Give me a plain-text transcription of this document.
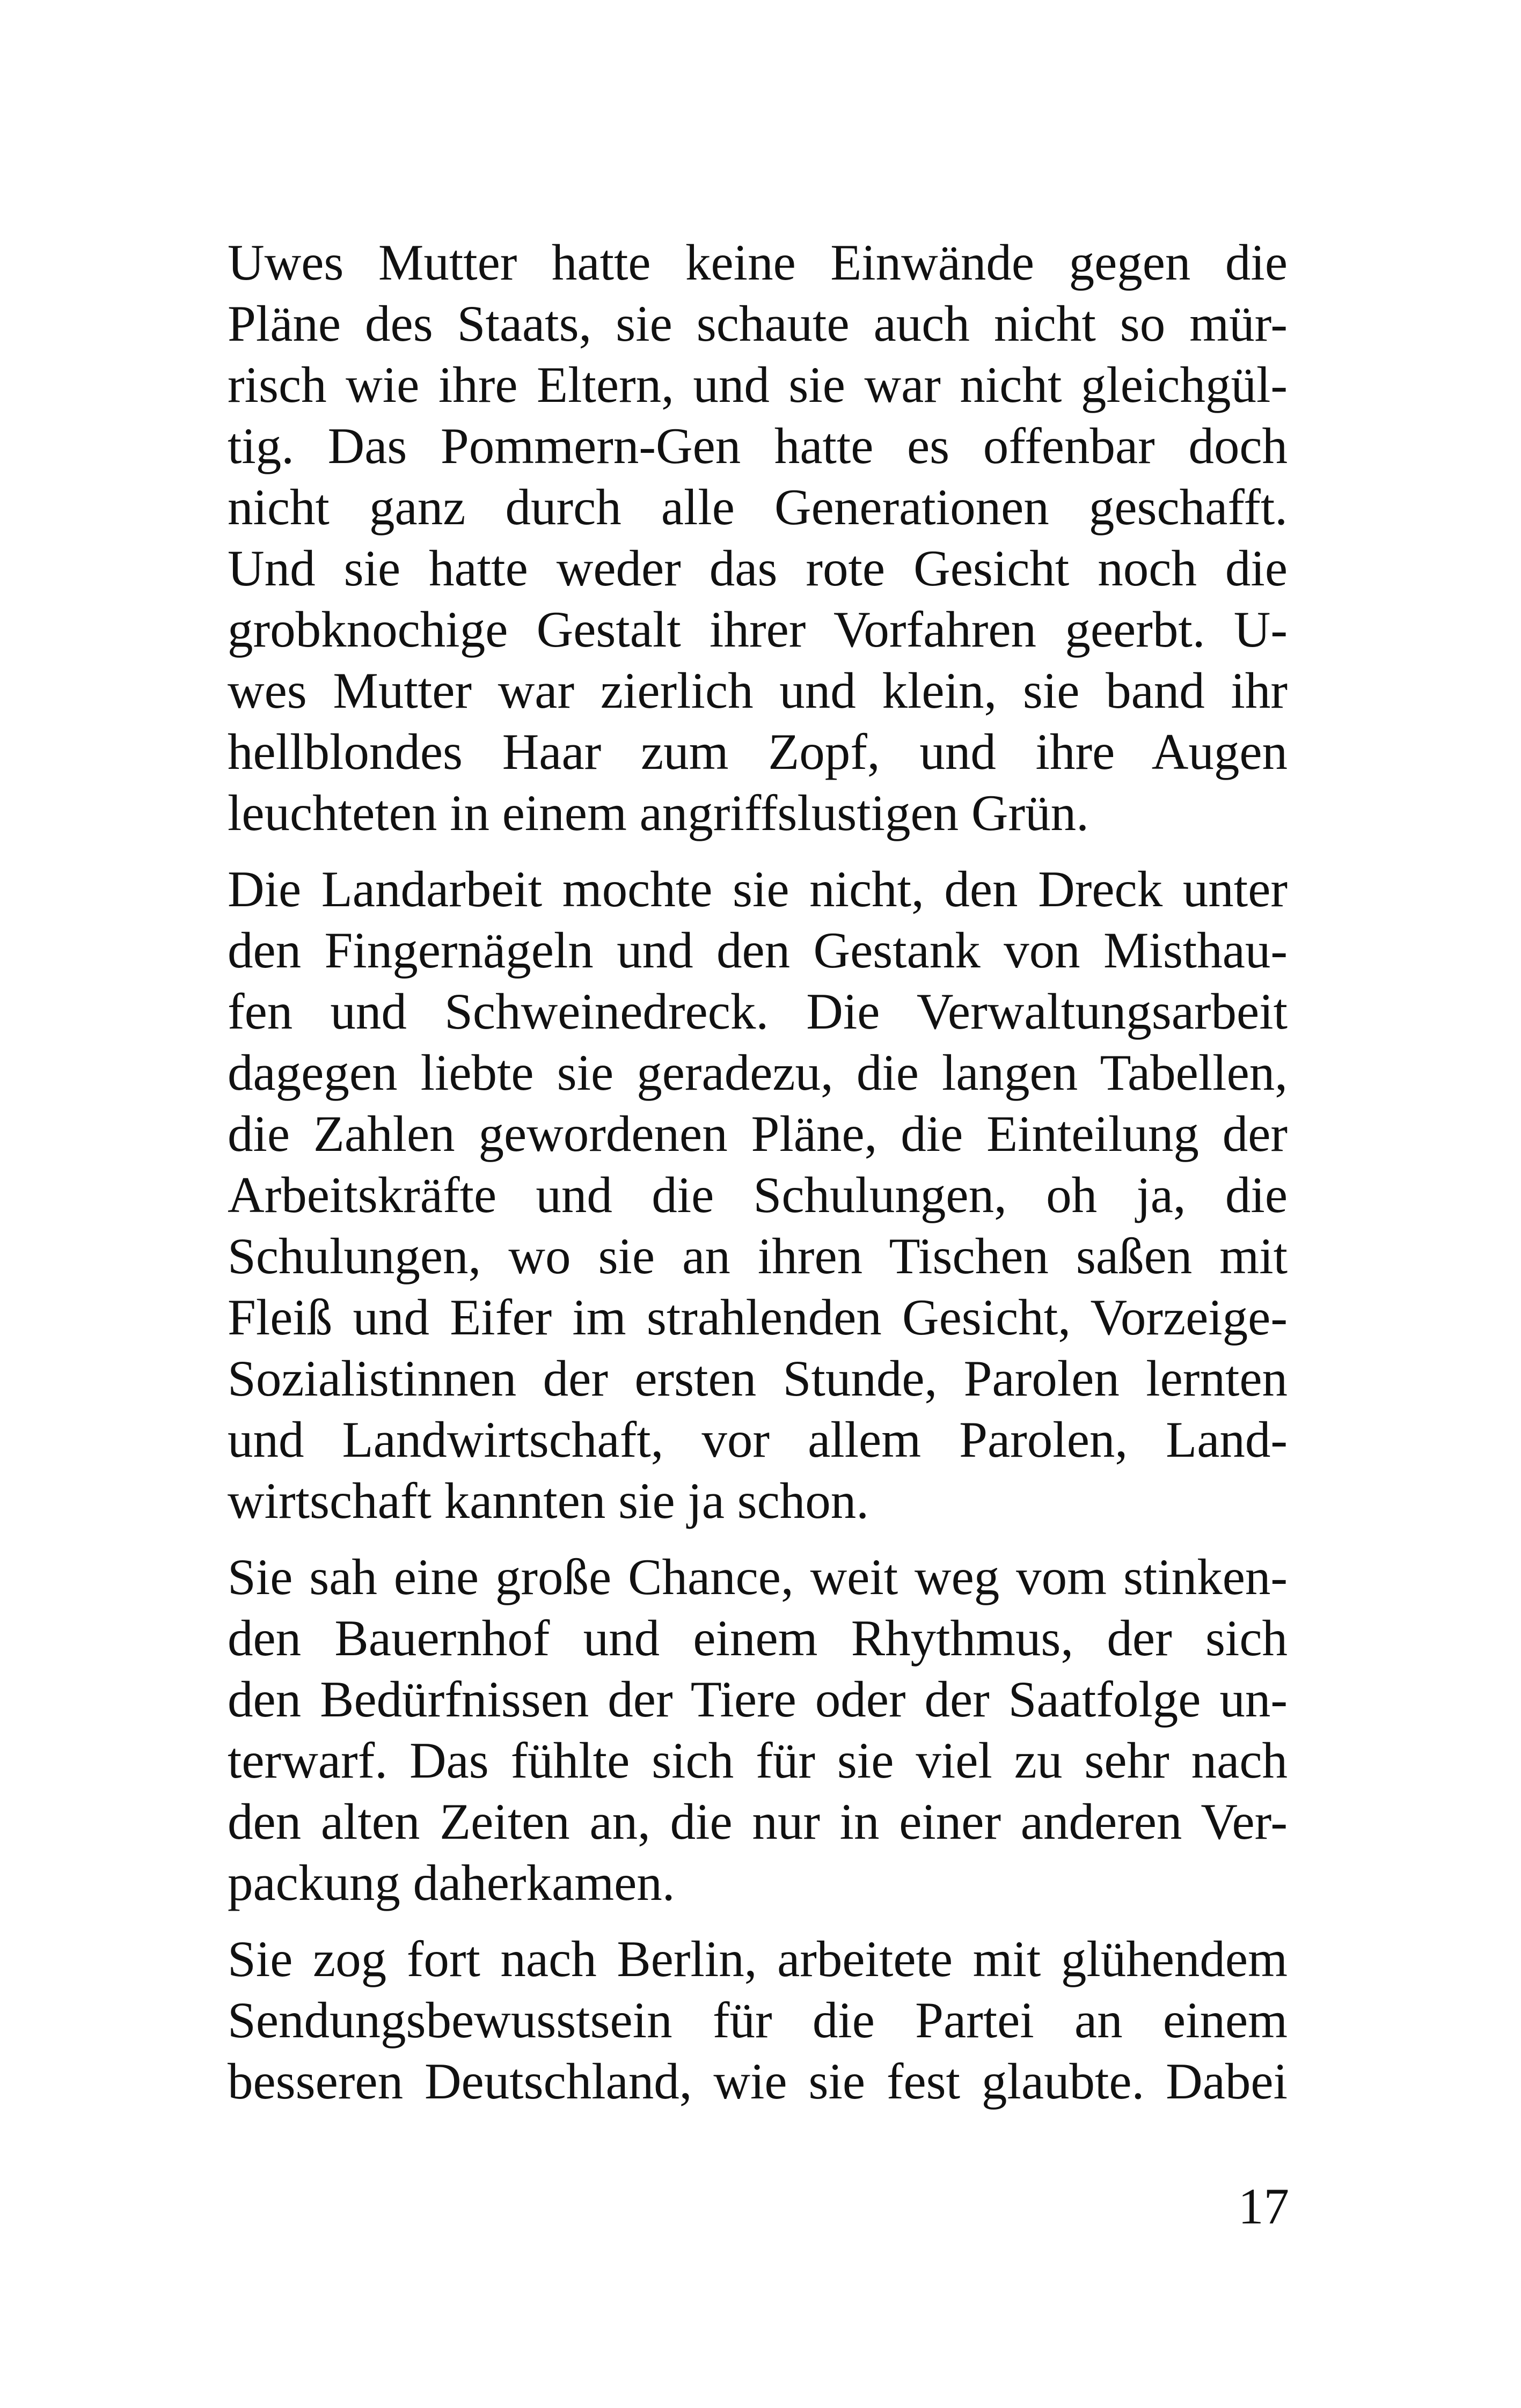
Uwes Mutter hatte keine Einwände gegen die
Pläne des Staats, sie schaute auch nicht so mür-
risch wie ihre Eltern, und sie war nicht gleichgül-
tig. Das Pommern-Gen hatte es offenbar doch
nicht ganz durch alle Generationen geschafft.
Und sie hatte weder das rote Gesicht noch die
grobknochige Gestalt ihrer Vorfahren geerbt. U-
wes Mutter war zierlich und klein, sie band ihr
hellblondes Haar zum Zopf, und ihre Augen
leuchteten in einem angriffslustigen Grün.
Die Landarbeit mochte sie nicht, den Dreck unter
den Fingernägeln und den Gestank von Misthau-
fen und Schweinedreck. Die Verwaltungsarbeit
dagegen liebte sie geradezu, die langen Tabellen,
die Zahlen gewordenen Pläne, die Einteilung der
Arbeitskräfte und die Schulungen, oh ja, die
Schulungen, wo sie an ihren Tischen saßen mit
Fleiß und Eifer im strahlenden Gesicht, Vorzeige-
Sozialistinnen der ersten Stunde, Parolen lernten
und Landwirtschaft, vor allem Parolen, Land-
wirtschaft kannten sie ja schon.
Sie sah eine große Chance, weit weg vom stinken-
den Bauernhof und einem Rhythmus, der sich
den Bedürfnissen der Tiere oder der Saatfolge un-
terwarf. Das fühlte sich für sie viel zu sehr nach
den alten Zeiten an, die nur in einer anderen Ver-
packung daherkamen.
Sie zog fort nach Berlin, arbeitete mit glühendem
Sendungsbewusstsein für die Partei an einem
besseren Deutschland, wie sie fest glaubte. Dabei
17
